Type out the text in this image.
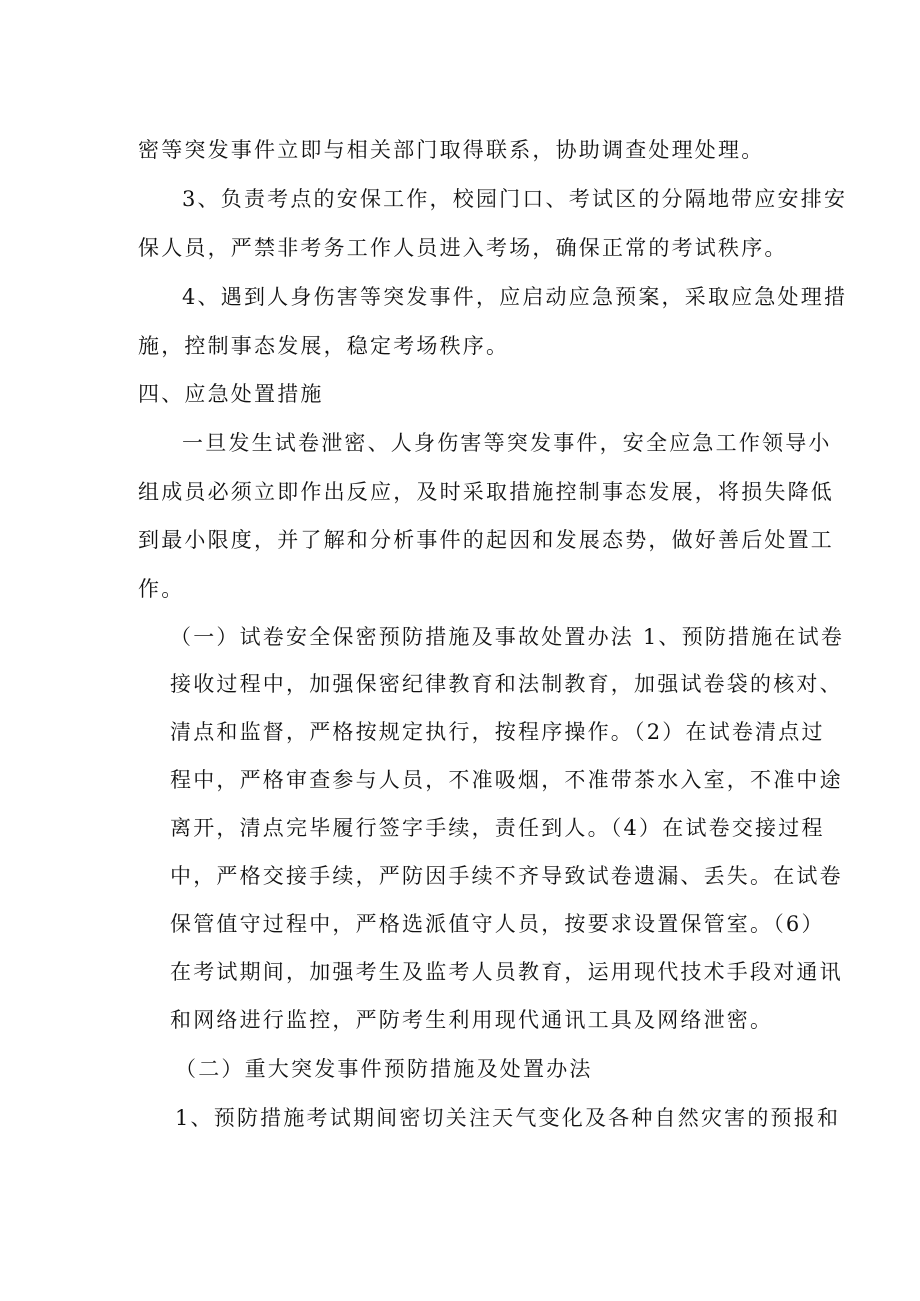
密等突发事件立即与相关部门取得联系，协助调查处理处理。
3、负责考点的安保工作，校园门口、考试区的分隔地带应安排安
保人员，严禁非考务工作人员进入考场，确保正常的考试秩序。
4、遇到人身伤害等突发事件，应启动应急预案，采取应急处理措
施，控制事态发展，稳定考场秩序。
四、应急处置措施
一旦发生试卷泄密、人身伤害等突发事件，安全应急工作领导小
组成员必须立即作出反应，及时采取措施控制事态发展，将损失降低
到最小限度，并了解和分析事件的起因和发展态势，做好善后处置工
作。
（一）试卷安全保密预防措施及事故处置办法 1、预防措施在试卷
接收过程中，加强保密纪律教育和法制教育，加强试卷袋的核对、
清点和监督，严格按规定执行，按程序操作。（2）在试卷清点过
程中，严格审查参与人员，不准吸烟，不准带茶水入室，不准中途
离开，清点完毕履行签字手续，责任到人。（4）在试卷交接过程
中，严格交接手续，严防因手续不齐导致试卷遗漏、丢失。在试卷
保管值守过程中，严格选派值守人员，按要求设置保管室。（6）
在考试期间，加强考生及监考人员教育，运用现代技术手段对通讯
和网络进行监控，严防考生利用现代通讯工具及网络泄密。
（二）重大突发事件预防措施及处置办法
1、预防措施考试期间密切关注天气变化及各种自然灾害的预报和
